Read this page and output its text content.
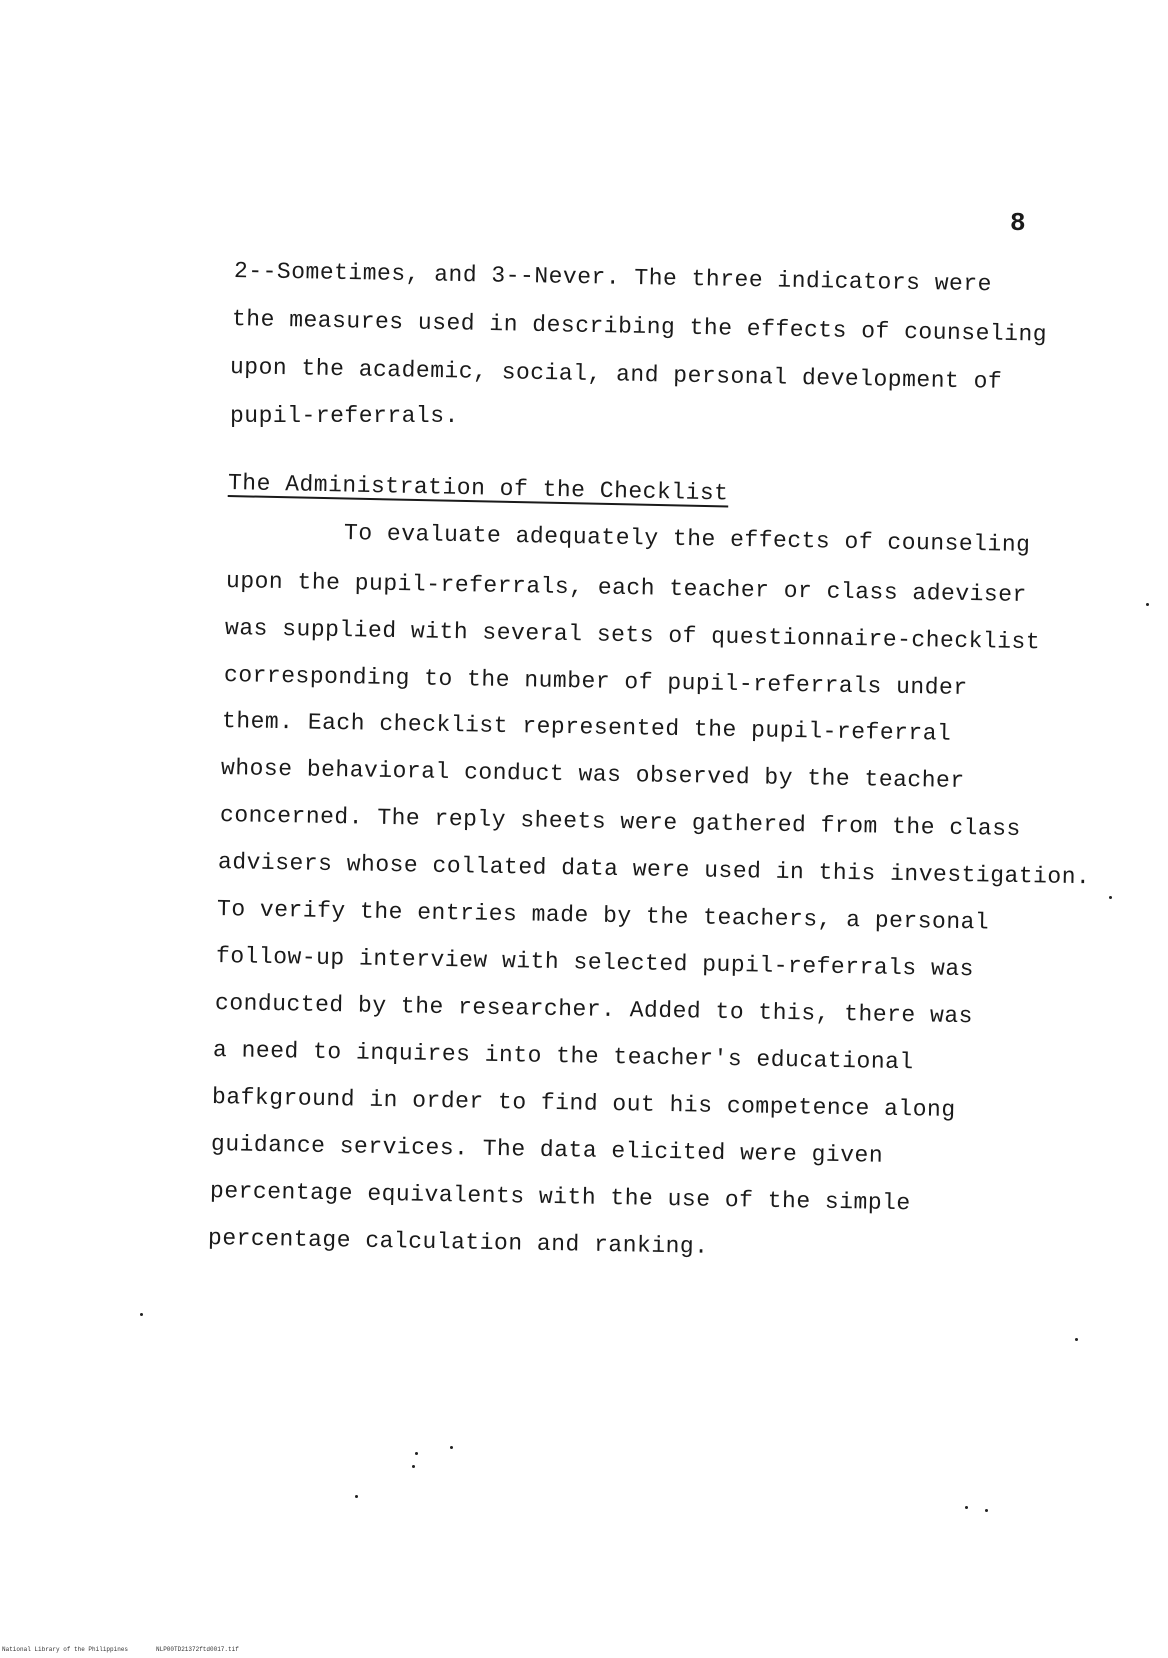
8
2--Sometimes, and 3--Never. The three indicators were
the measures used in describing the effects of counseling
upon the academic, social, and personal development of
pupil-referrals.
The Administration of the Checklist
To evaluate adequately the effects of counseling
upon the pupil-referrals, each teacher or class adeviser
was supplied with several sets of questionnaire-checklist
corresponding to the number of pupil-referrals under
them. Each checklist represented the pupil-referral
whose behavioral conduct was observed by the teacher
concerned. The reply sheets were gathered from the class
advisers whose collated data were used in this investigation.
To verify the entries made by the teachers, a personal
follow-up interview with selected pupil-referrals was
conducted by the researcher. Added to this, there was
a need to inquires into the teacher's educational
bafkground in order to find out his competence along
guidance services. The data elicited were given
percentage equivalents with the use of the simple
percentage calculation and ranking.
National Library of the Philippines	NLP00TD21372ftd0017.tif
